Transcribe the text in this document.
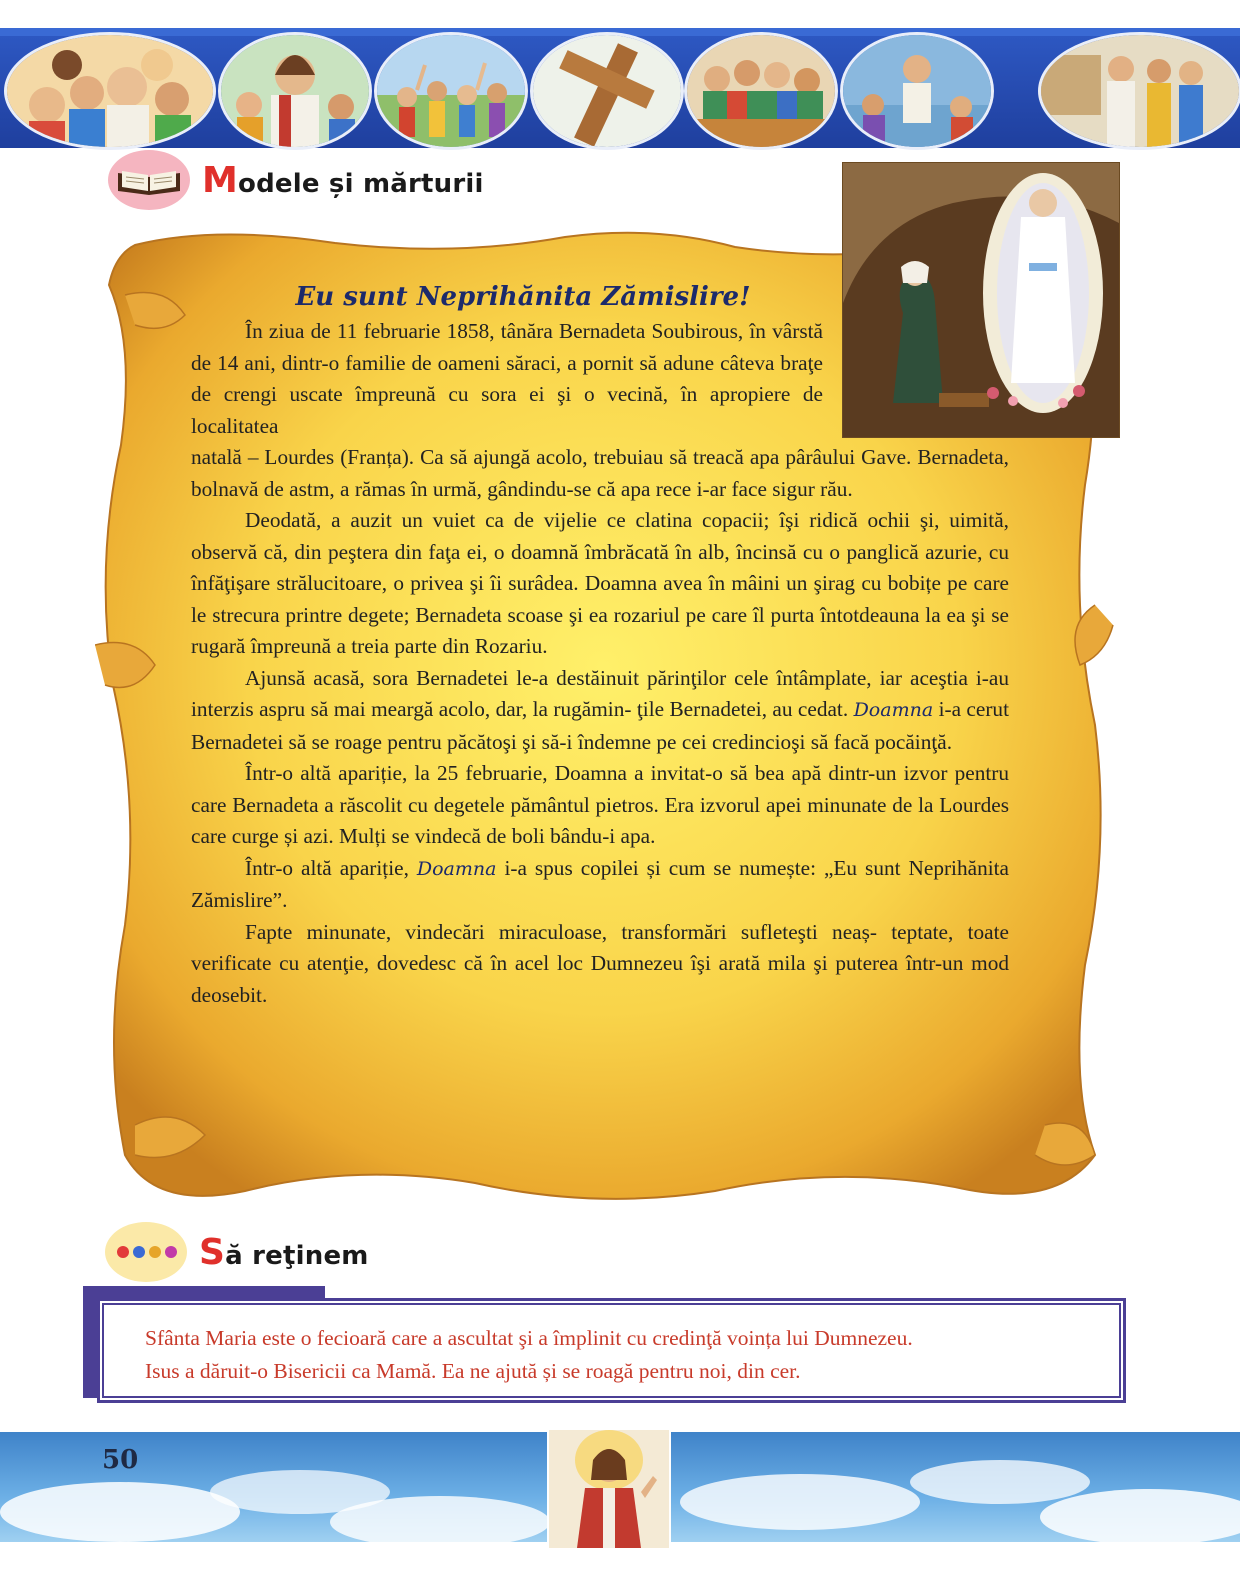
Modele și mărturii
Eu sunt Neprihănita Zămislire!

În ziua de 11 februarie 1858, tânăra Bernadeta Soubirous, în vârstă de 14 ani, dintr-o familie de oameni săraci, a pornit să adune câteva braţe de crengi uscate împreună cu sora ei şi o vecină, în apropiere de localitatea

natală – Lourdes (Franța). Ca să ajungă acolo, trebuiau să treacă apa pârâului Gave. Bernadeta, bolnavă de astm, a rămas în urmă, gândindu-se că apa rece i-ar face sigur rău.

Deodată, a auzit un vuiet ca de vijelie ce clatina copacii; îşi ridică ochii şi, uimită, observă că, din peştera din faţa ei, o doamnă îmbrăcată în alb, încinsă cu o panglică azurie, cu înfăţişare strălucitoare, o privea şi îi surâdea. Doamna avea în mâini un şirag cu bobițe pe care le strecura printre degete; Bernadeta scoase şi ea rozariul pe care îl purta întotdeauna la ea şi se rugară împreună a treia parte din Rozariu.

Ajunsă acasă, sora Bernadetei le-a destăinuit părinţilor cele întâmplate, iar aceştia i-au interzis aspru să mai meargă acolo, dar, la rugămin- ţile Bernadetei, au cedat. Doamna i-a cerut Bernadetei să se roage pentru păcătoşi şi să-i îndemne pe cei credincioşi să facă pocăinţă.

Într-o altă apariție, la 25 februarie, Doamna a invitat-o să bea apă dintr-un izvor pentru care Bernadeta a răscolit cu degetele pământul pietros. Era izvorul apei minunate de la Lourdes care curge și azi. Mulți se vindecă de boli bându-i apa.

Într-o altă apariție, Doamna i-a spus copilei și cum se numește: „Eu sunt Neprihănita Zămislire”.

Fapte minunate, vindecări miraculoase, transformări sufleteşti neaș- teptate, toate verificate cu atenţie, dovedesc că în acel loc Dumnezeu îşi arată mila şi puterea într-un mod deosebit.

Să reţinem

Sfânta Maria este o fecioară care a ascultat şi a împlinit cu credinţă voința lui Dumnezeu.
Isus a dăruit-o Bisericii ca Mamă. Ea ne ajută și se roagă pentru noi, din cer.

50
